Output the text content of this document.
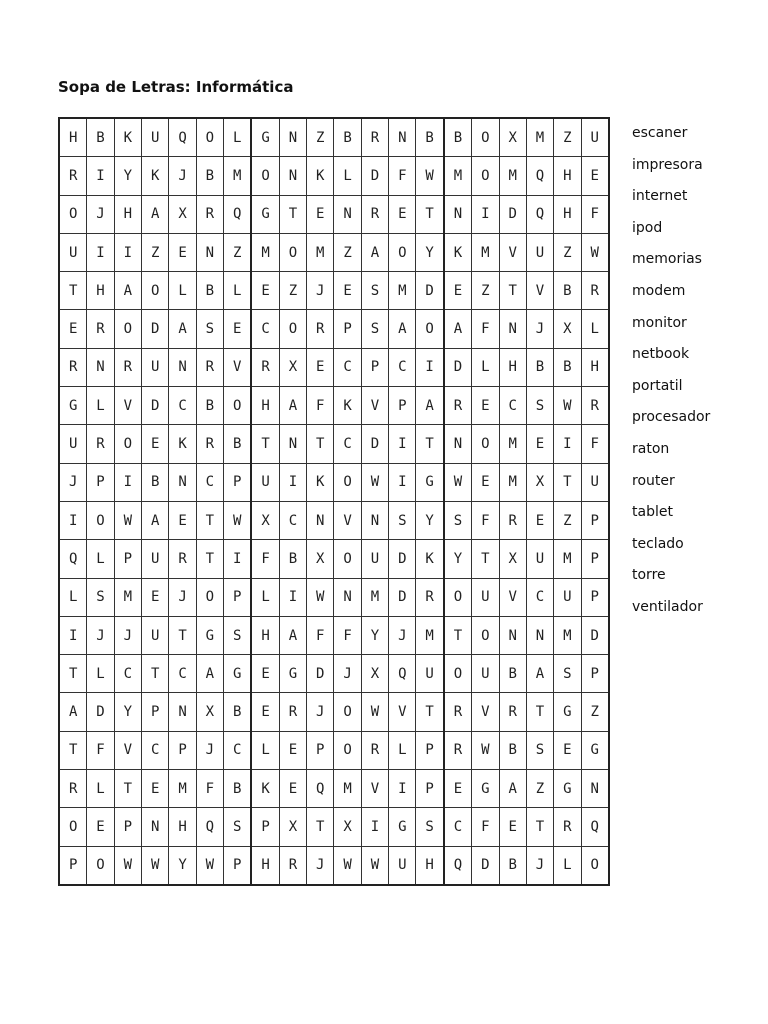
Sopa de Letras: Informática
H	B	K	U	Q	O	L	G	N	Z	B	R	N	B	B	O	X	M	Z	U
R	I	Y	K	J	B	M	O	N	K	L	D	F	W	M	O	M	Q	H	E
O	J	H	A	X	R	Q	G	T	E	N	R	E	T	N	I	D	Q	H	F
U	I	I	Z	E	N	Z	M	O	M	Z	A	O	Y	K	M	V	U	Z	W
T	H	A	O	L	B	L	E	Z	J	E	S	M	D	E	Z	T	V	B	R
E	R	O	D	A	S	E	C	O	R	P	S	A	O	A	F	N	J	X	L
R	N	R	U	N	R	V	R	X	E	C	P	C	I	D	L	H	B	B	H
G	L	V	D	C	B	O	H	A	F	K	V	P	A	R	E	C	S	W	R
U	R	O	E	K	R	B	T	N	T	C	D	I	T	N	O	M	E	I	F
J	P	I	B	N	C	P	U	I	K	O	W	I	G	W	E	M	X	T	U
I	O	W	A	E	T	W	X	C	N	V	N	S	Y	S	F	R	E	Z	P
Q	L	P	U	R	T	I	F	B	X	O	U	D	K	Y	T	X	U	M	P
L	S	M	E	J	O	P	L	I	W	N	M	D	R	O	U	V	C	U	P
I	J	J	U	T	G	S	H	A	F	F	Y	J	M	T	O	N	N	M	D
T	L	C	T	C	A	G	E	G	D	J	X	Q	U	O	U	B	A	S	P
A	D	Y	P	N	X	B	E	R	J	O	W	V	T	R	V	R	T	G	Z
T	F	V	C	P	J	C	L	E	P	O	R	L	P	R	W	B	S	E	G
R	L	T	E	M	F	B	K	E	Q	M	V	I	P	E	G	A	Z	G	N
O	E	P	N	H	Q	S	P	X	T	X	I	G	S	C	F	E	T	R	Q
P	O	W	W	Y	W	P	H	R	J	W	W	U	H	Q	D	B	J	L	O
escaner
impresora
internet
ipod
memorias
modem
monitor
netbook
portatil
procesador
raton
router
tablet
teclado
torre
ventilador
